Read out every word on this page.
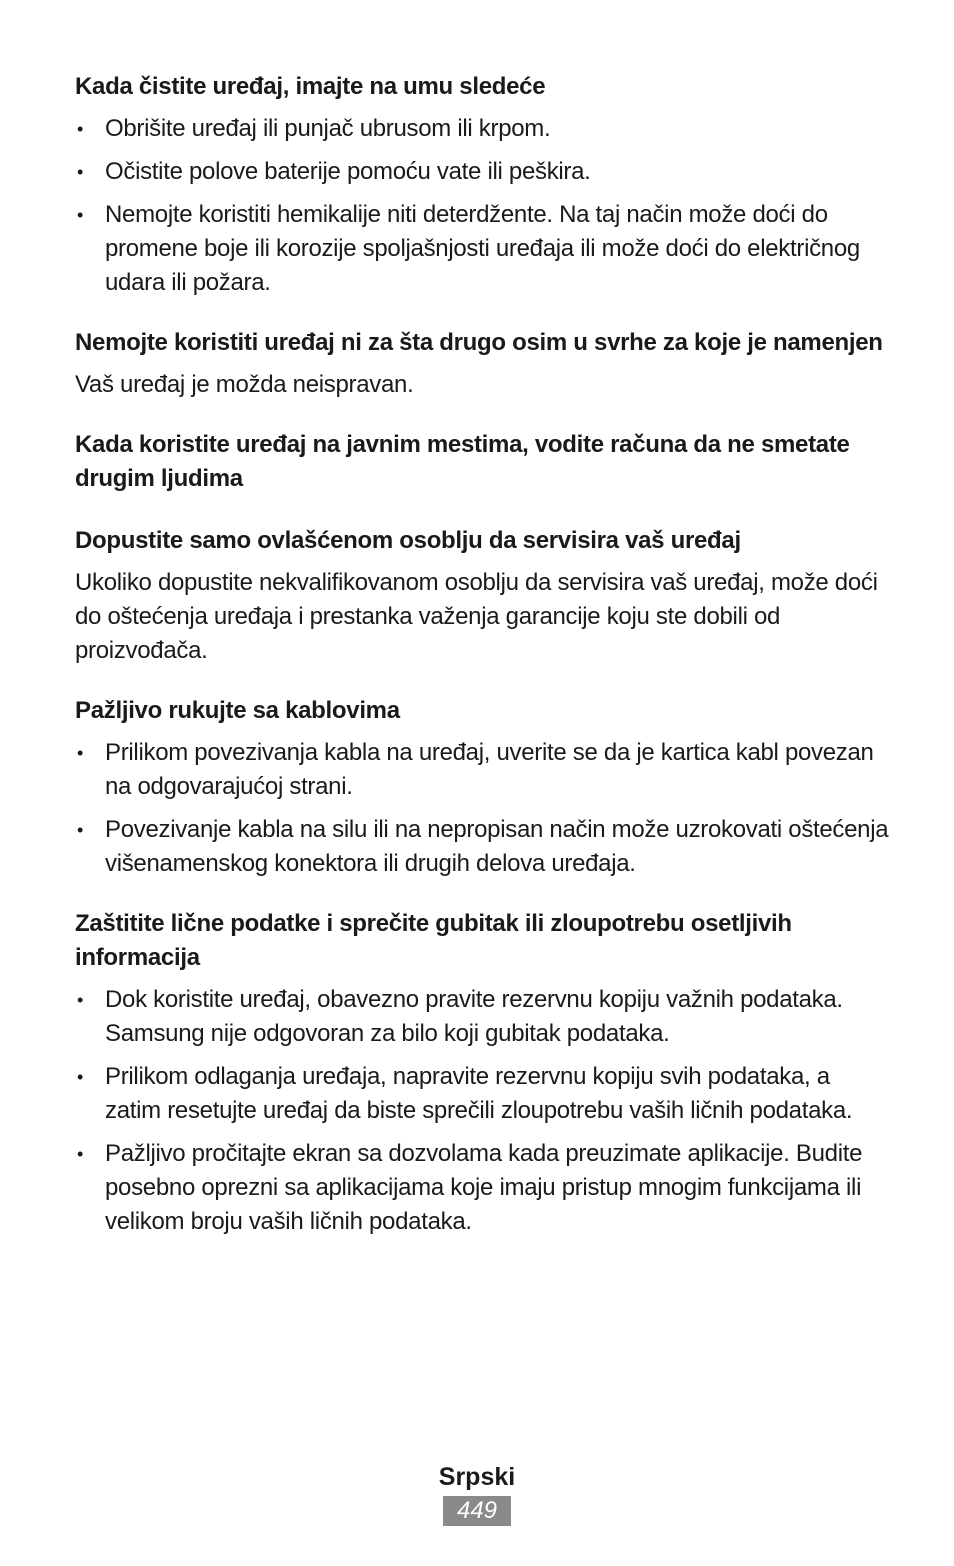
Kada čistite uređaj, imajte na umu sledeće
• Obrišite uređaj ili punjač ubrusom ili krpom.
• Očistite polove baterije pomoću vate ili peškira.
• Nemojte koristiti hemikalije niti deterdžente. Na taj način može doći do promene boje ili korozije spoljašnjosti uređaja ili može doći do električnog udara ili požara.
Nemojte koristiti uređaj ni za šta drugo osim u svrhe za koje je namenjen

Vaš uređaj je možda neispravan.

Kada koristite uređaj na javnim mestima, vodite računa da ne smetate drugim ljudima
Dopustite samo ovlašćenom osoblju da servisira vaš uređaj

Ukoliko dopustite nekvalifikovanom osoblju da servisira vaš uređaj, može doći do oštećenja uređaja i prestanka važenja garancije koju ste dobili od proizvođača.

Pažljivo rukujte sa kablovima
• Prilikom povezivanja kabla na uređaj, uverite se da je kartica kabl povezan na odgovarajućoj strani.
• Povezivanje kabla na silu ili na nepropisan način može uzrokovati oštećenja višenamenskog konektora ili drugih delova uređaja.
Zaštitite lične podatke i sprečite gubitak ili zloupotrebu osetljivih informacija
• Dok koristite uređaj, obavezno pravite rezervnu kopiju važnih podataka. Samsung nije odgovoran za bilo koji gubitak podataka.
• Prilikom odlaganja uređaja, napravite rezervnu kopiju svih podataka, a zatim resetujte uređaj da biste sprečili zloupotrebu vaših ličnih podataka.
• Pažljivo pročitajte ekran sa dozvolama kada preuzimate aplikacije. Budite posebno oprezni sa aplikacijama koje imaju pristup mnogim funkcijama ili velikom broju vaših ličnih podataka.
Srpski
449
